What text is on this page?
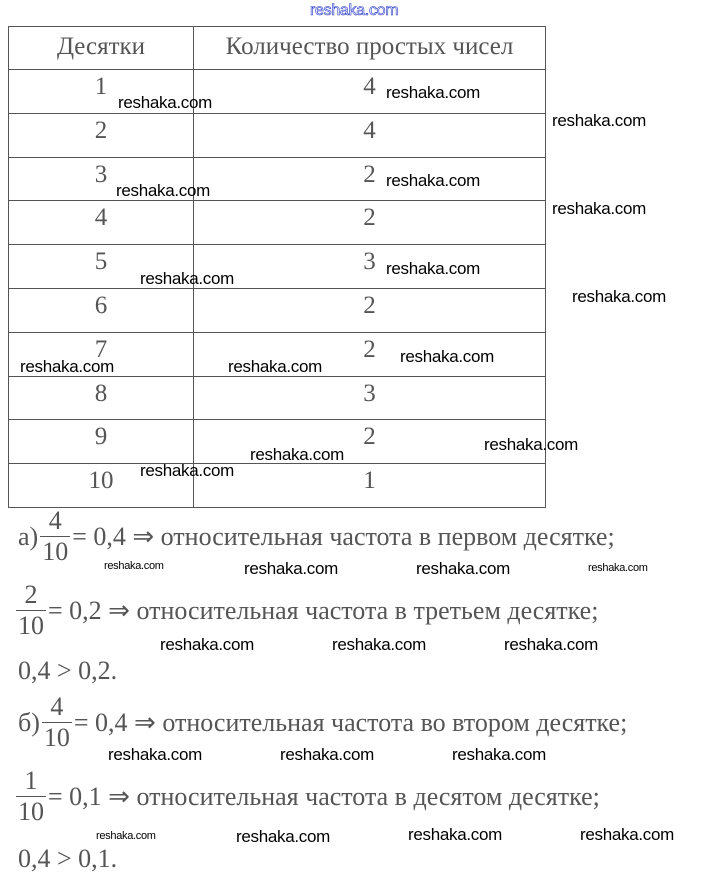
Десятки	Количество простых чисел
1	4
2	4
3	2
4	2
5	3
6	2
7	2
8	3
9	2
10	1
$а) \frac{4}{10} = 0,4$ ⇒ относительная частота в первом десятке;
$\frac{2}{10} = 0,2$ ⇒ относительная частота в третьем десятке;
0,4 > 0,2.
$б) \frac{4}{10} = 0,4$ ⇒ относительная частота во втором десятке;
$\frac{1}{10} = 0,1$ ⇒ относительная частота в десятом десятке;
0,4 > 0,1.
reshaka.com
reshaka.com
reshaka.com
reshaka.com
reshaka.com
reshaka.com
reshaka.com
reshaka.com
reshaka.com
reshaka.com
reshaka.com	reshaka.com
reshaka.com
reshaka.com
reshaka.com
reshaka.com
reshaka.com	reshaka.com	reshaka.com	reshaka.com
reshaka.com	reshaka.com	reshaka.com
reshaka.com	reshaka.com	reshaka.com
reshaka.com	reshaka.com	reshaka.com	reshaka.com
